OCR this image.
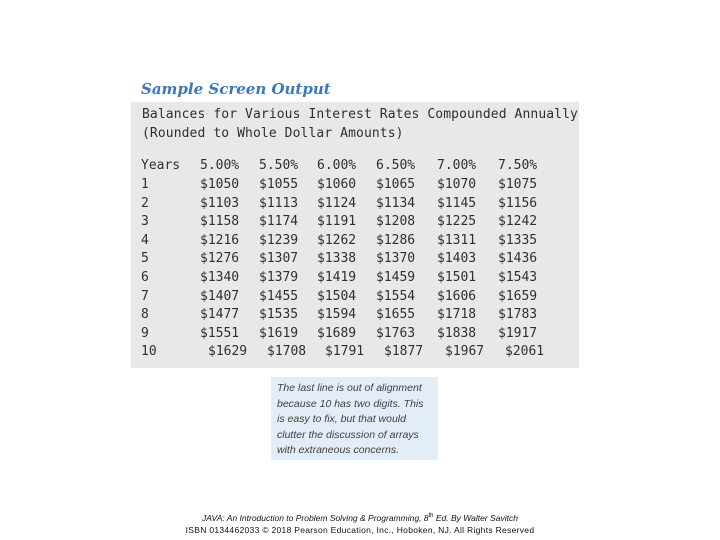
Sample Screen Output
Balances for Various Interest Rates Compounded Annually
(Rounded to Whole Dollar Amounts)
Years 5.00% 5.50% 6.00% 6.50% 7.00% 7.50%
1	$1050 $1055 $1060 $1065 $1070 $1075
2	$1103 $1113 $1124 $1134 $1145 $1156
3	$1158 $1174 $1191 $1208 $1225 $1242
4	$1216 $1239 $1262 $1286 $1311 $1335
5	$1276 $1307 $1338 $1370 $1403 $1436
6	$1340 $1379 $1419 $1459 $1501 $1543
7	$1407 $1455 $1504 $1554 $1606 $1659
8	$1477 $1535 $1594 $1655 $1718 $1783
9	$1551 $1619 $1689 $1763 $1838 $1917
10	$1629 $1708 $1791 $1877 $1967 $2061
The last line is out of alignment because 10 has two digits. This is easy to fix, but that would clutter the discussion of arrays with extraneous concerns.
JAVA: An Introduction to Problem Solving & Programming, 8th Ed. By Walter Savitch
ISBN 0134462033 © 2018 Pearson Education, Inc., Hoboken, NJ. All Rights Reserved
